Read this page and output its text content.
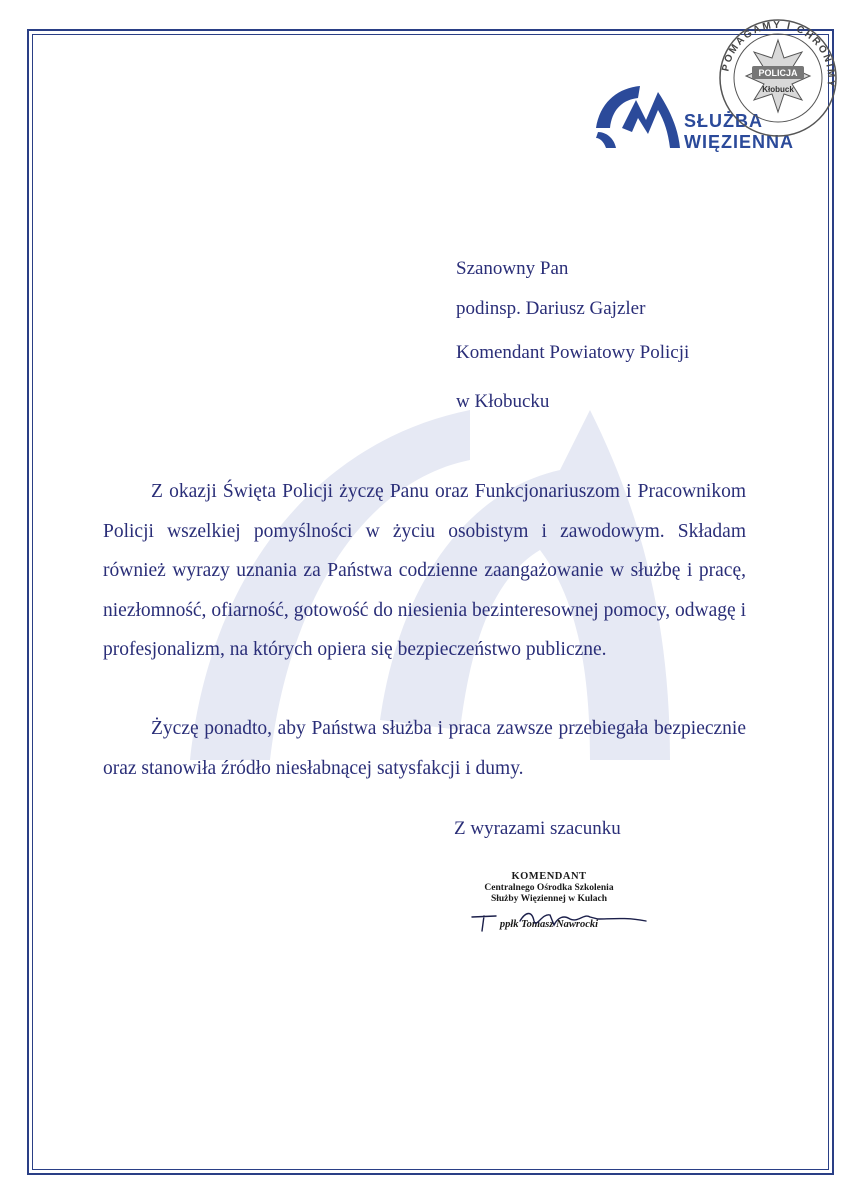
SŁUŻBA
WIĘZIENNA
POMAGAMY I CHRONIMY
POLICJA
Kłobuck
Szanowny Pan
podinsp. Dariusz Gajzler
Komendant Powiatowy Policji
w Kłobucku

Z okazji Święta Policji życzę Panu oraz Funkcjonariuszom i Pracownikom Policji wszelkiej pomyślności w życiu osobistym i zawodowym. Składam również wyrazy uznania za Państwa codzienne zaangażowanie w służbę i pracę, niezłomność, ofiarność, gotowość do niesienia bezinteresownej pomocy, odwagę i profesjonalizm, na których opiera się bezpieczeństwo publiczne.

Życzę ponadto, aby Państwa służba i praca zawsze przebiegała bezpiecznie oraz stanowiła źródło niesłabnącej satysfakcji i dumy.

Z wyrazami szacunku
KOMENDANT
Centralnego Ośrodka Szkolenia
Służby Więziennej w Kulach
ppłk Tomasz Nawrocki
